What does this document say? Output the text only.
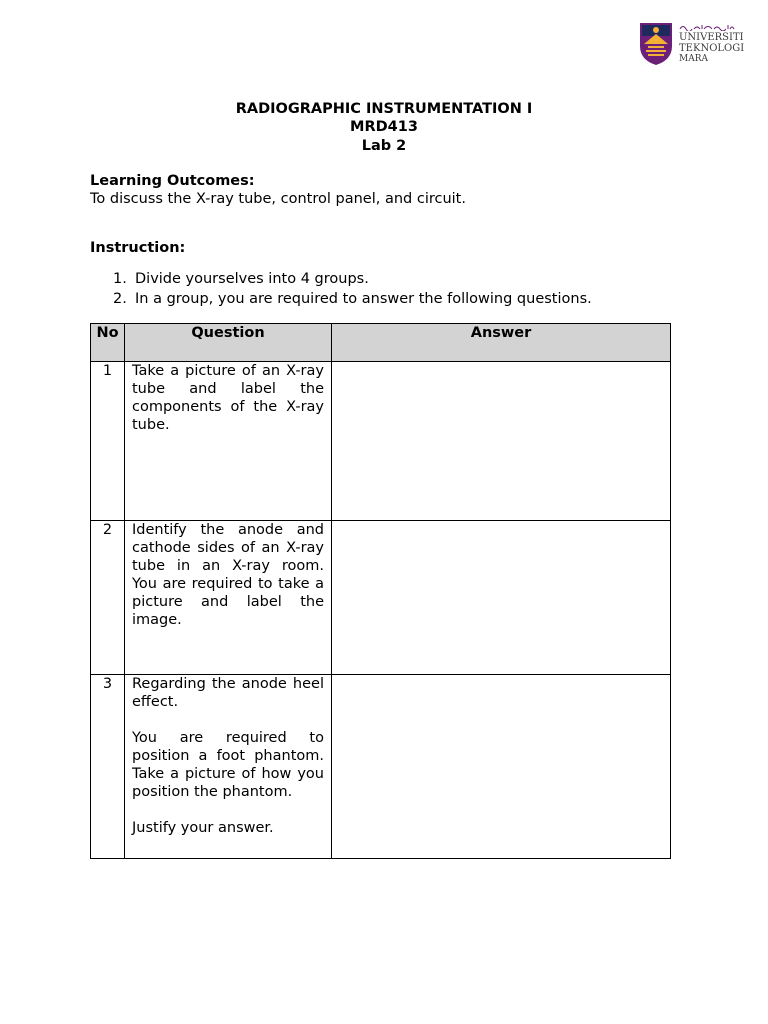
UNIVERSITI
TEKNOLOGI
MARA
RADIOGRAPHIC INSTRUMENTATION I
MRD413
Lab 2
Learning Outcomes:
To discuss the X-ray tube, control panel, and circuit.
Instruction:
1. Divide yourselves into 4 groups.
2. In a group, you are required to answer the following questions.
No	Question	Answer
1	Take a picture of an X-ray tube and label the components of the X-ray tube.	

2	Identify the anode and cathode sides of an X-ray tube in an X-ray room. You are required to take a picture and label the image.	

3	Regarding the anode heel effect.
You are required to position a foot phantom. Take a picture of how you position the phantom.
Justify your answer.	
